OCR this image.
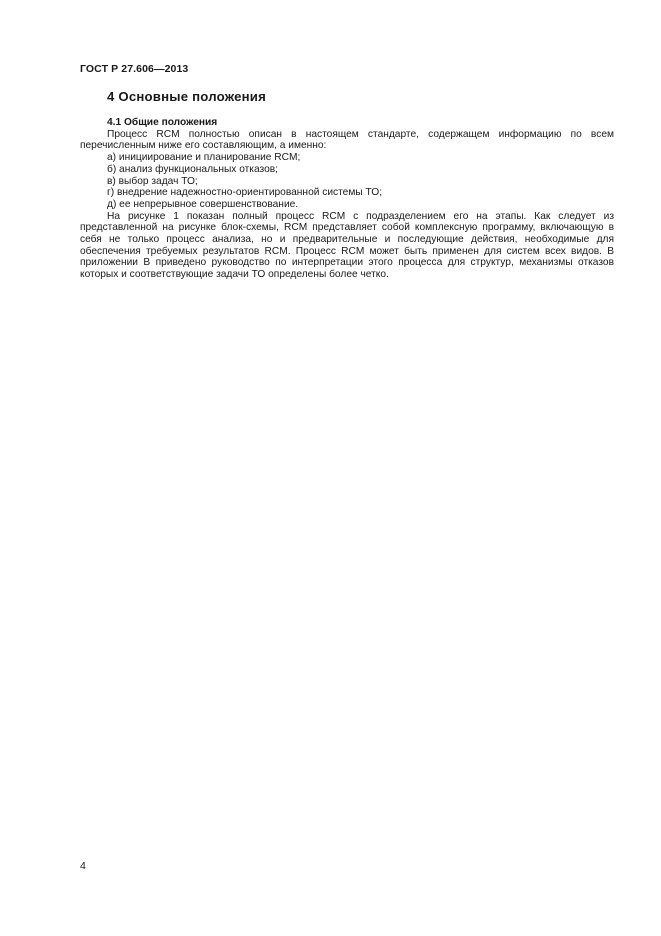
ГОСТ Р 27.606—2013
4 Основные положения

4.1 Общие положения

Процесс RCM полностью описан в настоящем стандарте, содержащем информацию по всем перечисленным ниже его составляющим, а именно:

а) инициирование и планирование RCM;

б) анализ функциональных отказов;

в) выбор задач ТО;

г) внедрение надежностно-ориентированной системы ТО;

д) ее непрерывное совершенствование.

На рисунке 1 показан полный процесс RCM с подразделением его на этапы. Как следует из представленной на рисунке блок-схемы, RCM представляет собой комплексную программу, включающую в себя не только процесс анализа, но и предварительные и последующие действия, необходимые для обеспечения требуемых результатов RCM. Процесс RCM может быть применен для систем всех видов. В приложении В приведено руководство по интерпретации этого процесса для структур, механизмы отказов которых и соответствующие задачи ТО определены более четко.

4
